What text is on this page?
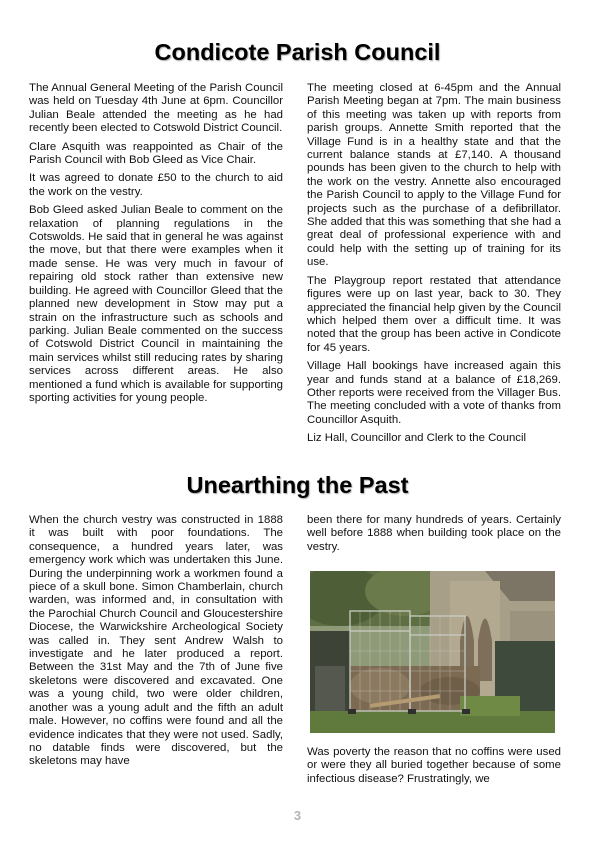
Condicote Parish Council

The Annual General Meeting of the Parish Council was held on Tuesday 4th June at 6pm. Councillor Julian Beale attended the meeting as he had recently been elected to Cotswold District Council.

Clare Asquith was reappointed as Chair of the Parish Council with Bob Gleed as Vice Chair.

It was agreed to donate £50 to the church to aid the work on the vestry.

Bob Gleed asked Julian Beale to comment on the relaxation of planning regulations in the Cotswolds. He said that in general he was against the move, but that there were examples when it made sense. He was very much in favour of repairing old stock rather than extensive new building. He agreed with Councillor Gleed that the planned new development in Stow may put a strain on the infrastructure such as schools and parking. Julian Beale commented on the success of Cotswold District Council in maintaining the main services whilst still reducing rates by sharing services across different areas. He also mentioned a fund which is available for supporting sporting activities for young people.

The meeting closed at 6-45pm and the Annual Parish Meeting began at 7pm. The main business of this meeting was taken up with reports from parish groups. Annette Smith reported that the Village Fund is in a healthy state and that the current balance stands at £7,140. A thousand pounds has been given to the church to help with the work on the vestry. Annette also encouraged the Parish Council to apply to the Village Fund for projects such as the purchase of a defibrillator. She added that this was something that she had a great deal of professional experience with and could help with the setting up of training for its use.

The Playgroup report restated that attendance figures were up on last year, back to 30. They appreciated the financial help given by the Council which helped them over a difficult time. It was noted that the group has been active in Condicote for 45 years.

Village Hall bookings have increased again this year and funds stand at a balance of £18,269. Other reports were received from the Villager Bus. The meeting concluded with a vote of thanks from Councillor Asquith.

Liz Hall, Councillor and Clerk to the Council

Unearthing the Past

When the church vestry was constructed in 1888 it was built with poor foundations. The consequence, a hundred years later, was emergency work which was undertaken this June. During the underpinning work a workmen found a piece of a skull bone. Simon Chamberlain, church warden, was informed and, in consultation with the Parochial Church Council and Gloucestershire Diocese, the Warwickshire Archeological Society was called in. They sent Andrew Walsh to investigate and he later produced a report. Between the 31st May and the 7th of June five skeletons were discovered and excavated. One was a young child, two were older children, another was a young adult and the fifth an adult male. However, no coffins were found and all the evidence indicates that they were not used. Sadly, no datable finds were discovered, but the skeletons may have

been there for many hundreds of years. Certainly well before 1888 when building took place on the vestry.

Was poverty the reason that no coffins were used or were they all buried together because of some infectious disease? Frustratingly, we

3
